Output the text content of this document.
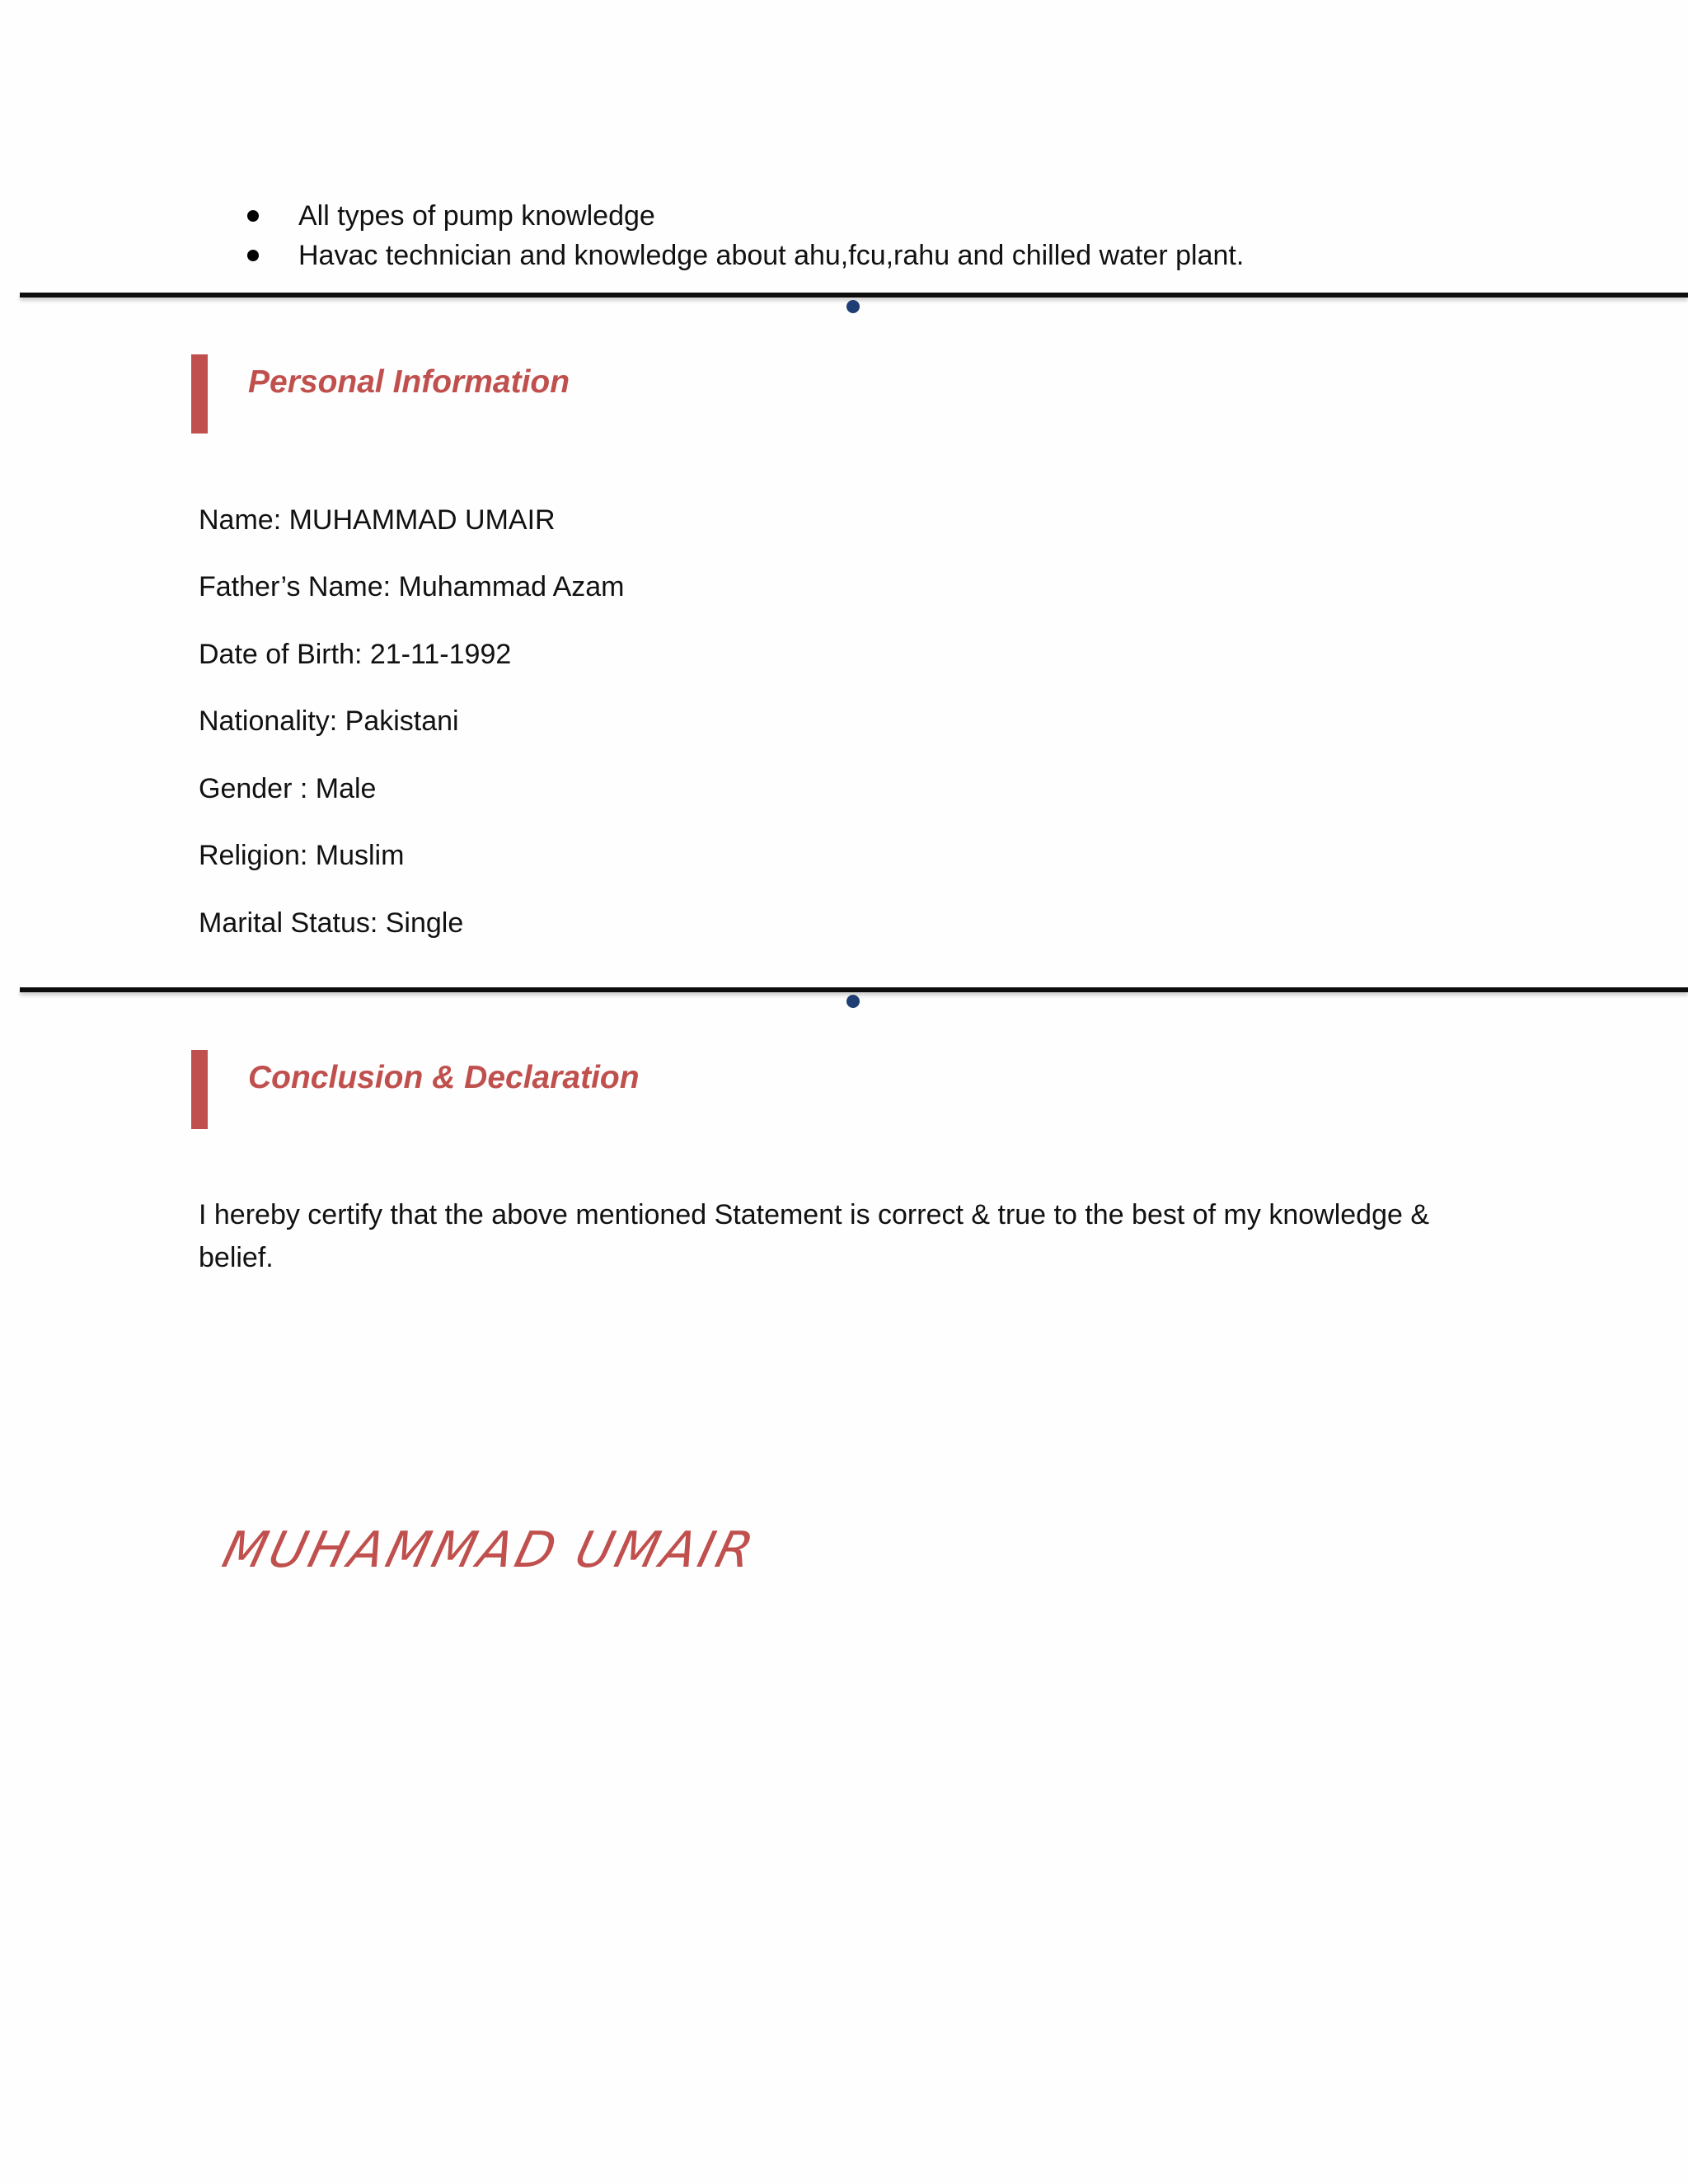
All types of pump knowledge
Havac technician and knowledge about ahu,fcu,rahu and chilled water plant.
Personal Information
Name: MUHAMMAD UMAIR
Father’s Name: Muhammad Azam
Date of Birth: 21-11-1992
Nationality: Pakistani
Gender : Male
Religion: Muslim
Marital Status: Single
Conclusion & Declaration
I hereby certify that the above mentioned Statement is correct & true to the best of my knowledge & belief.
MUHAMMAD UMAIR
